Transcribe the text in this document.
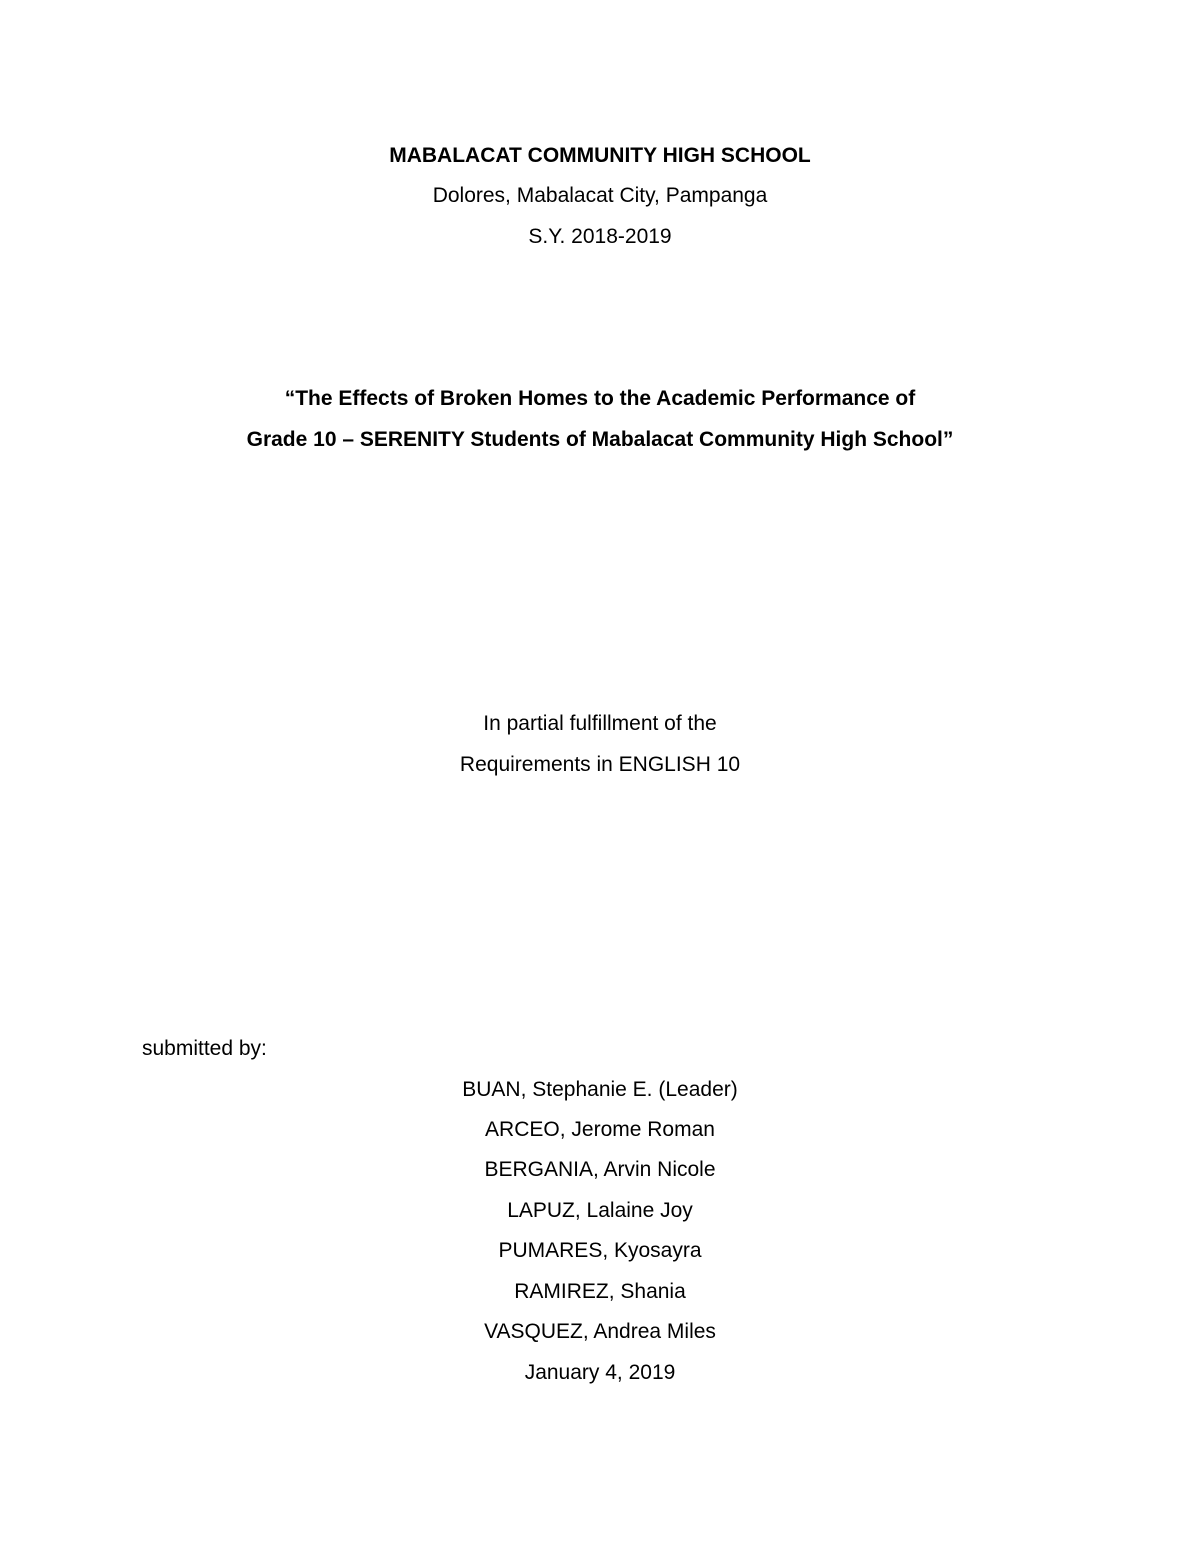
MABALACAT COMMUNITY HIGH SCHOOL
Dolores, Mabalacat City, Pampanga
S.Y. 2018-2019
“The Effects of Broken Homes to the Academic Performance of
Grade 10 – SERENITY Students of Mabalacat Community High School”
In partial fulfillment of the
Requirements in ENGLISH 10
submitted by:
BUAN, Stephanie E. (Leader)
ARCEO, Jerome Roman
BERGANIA, Arvin Nicole
LAPUZ, Lalaine Joy
PUMARES, Kyosayra
RAMIREZ, Shania
VASQUEZ, Andrea Miles
January 4, 2019
